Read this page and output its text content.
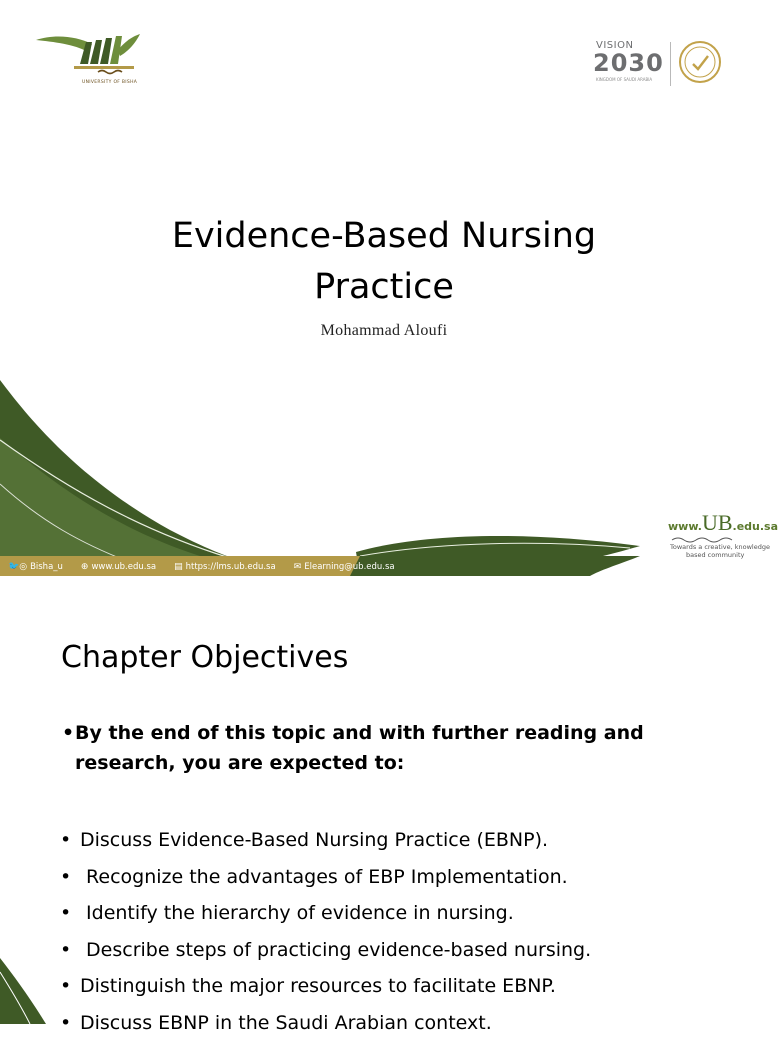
UNIVERSITY OF BISHA
VISION
2030
KINGDOM OF SAUDI ARABIA
Evidence-Based Nursing
Practice
Mohammad Aloufi
🐦◎ Bisha_u ⊕ www.ub.edu.sa ▤ https://lms.ub.edu.sa ✉ Elearning@ub.edu.sa
www.UB.edu.sa
Towards a creative, knowledge
based community
Chapter Objectives
• By the end of this topic and with further reading and research, you are expected to:
• Discuss Evidence-Based Nursing Practice (EBNP).
• Recognize the advantages of EBP Implementation.
• Identify the hierarchy of evidence in nursing.
• Describe steps of practicing evidence-based nursing.
• Distinguish the major resources to facilitate EBNP.
• Discuss EBNP in the Saudi Arabian context.
